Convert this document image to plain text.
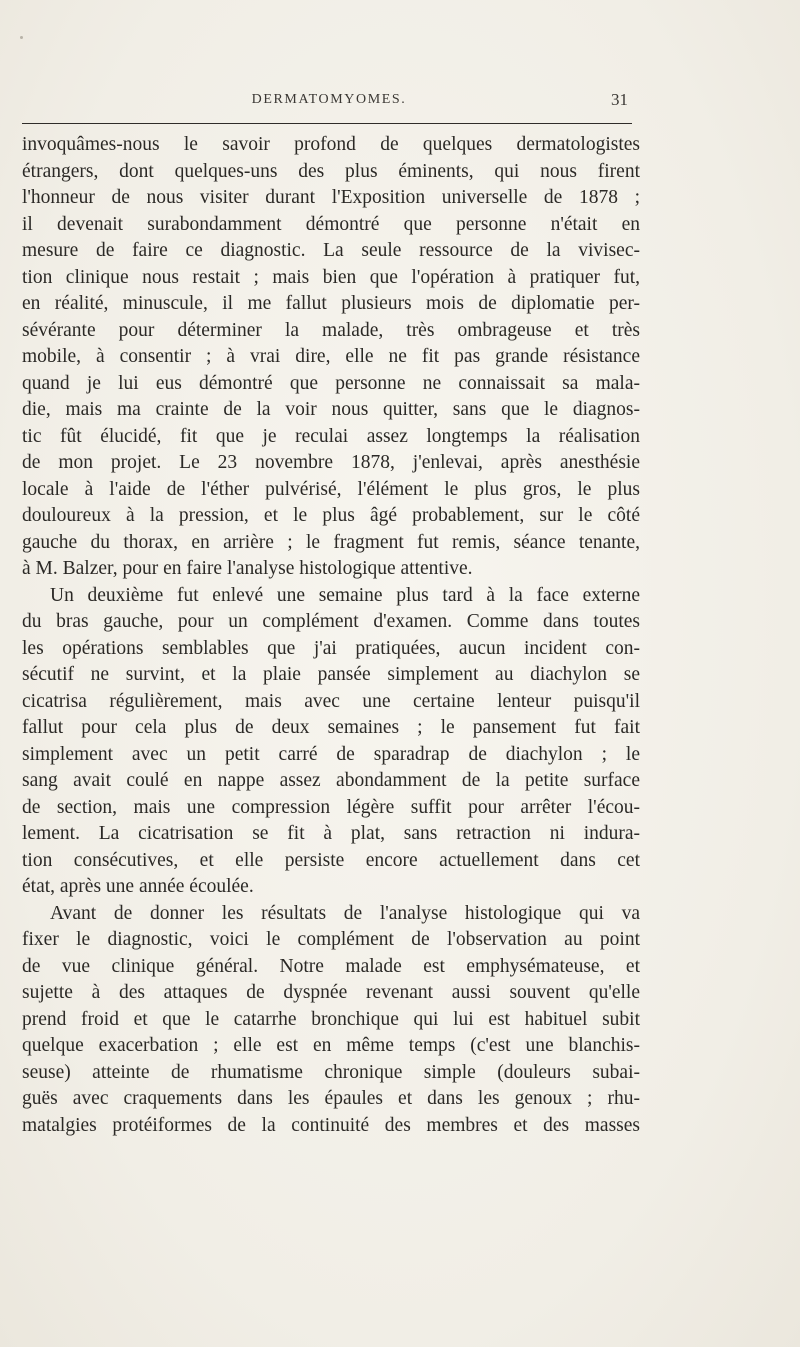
DERMATOMYOMES.	31
invoquâmes-nous le savoir profond de quelques dermatologistes
étrangers, dont quelques-uns des plus éminents, qui nous firent
l'honneur de nous visiter durant l'Exposition universelle de 1878 ;
il devenait surabondamment démontré que personne n'était en
mesure de faire ce diagnostic. La seule ressource de la vivisec-
tion clinique nous restait ; mais bien que l'opération à pratiquer fut,
en réalité, minuscule, il me fallut plusieurs mois de diplomatie per-
sévérante pour déterminer la malade, très ombrageuse et très
mobile, à consentir ; à vrai dire, elle ne fit pas grande résistance
quand je lui eus démontré que personne ne connaissait sa mala-
die, mais ma crainte de la voir nous quitter, sans que le diagnos-
tic fût élucidé, fit que je reculai assez longtemps la réalisation
de mon projet. Le 23 novembre 1878, j'enlevai, après anesthésie
locale à l'aide de l'éther pulvérisé, l'élément le plus gros, le plus
douloureux à la pression, et le plus âgé probablement, sur le côté
gauche du thorax, en arrière ; le fragment fut remis, séance tenante,
à M. Balzer, pour en faire l'analyse histologique attentive.
Un deuxième fut enlevé une semaine plus tard à la face externe
du bras gauche, pour un complément d'examen. Comme dans toutes
les opérations semblables que j'ai pratiquées, aucun incident con-
sécutif ne survint, et la plaie pansée simplement au diachylon se
cicatrisa régulièrement, mais avec une certaine lenteur puisqu'il
fallut pour cela plus de deux semaines ; le pansement fut fait
simplement avec un petit carré de sparadrap de diachylon ; le
sang avait coulé en nappe assez abondamment de la petite surface
de section, mais une compression légère suffit pour arrêter l'écou-
lement. La cicatrisation se fit à plat, sans retraction ni indura-
tion consécutives, et elle persiste encore actuellement dans cet
état, après une année écoulée.
Avant de donner les résultats de l'analyse histologique qui va
fixer le diagnostic, voici le complément de l'observation au point
de vue clinique général. Notre malade est emphysémateuse, et
sujette à des attaques de dyspnée revenant aussi souvent qu'elle
prend froid et que le catarrhe bronchique qui lui est habituel subit
quelque exacerbation ; elle est en même temps (c'est une blanchis-
seuse) atteinte de rhumatisme chronique simple (douleurs subai-
guës avec craquements dans les épaules et dans les genoux ; rhu-
matalgies protéiformes de la continuité des membres et des masses
